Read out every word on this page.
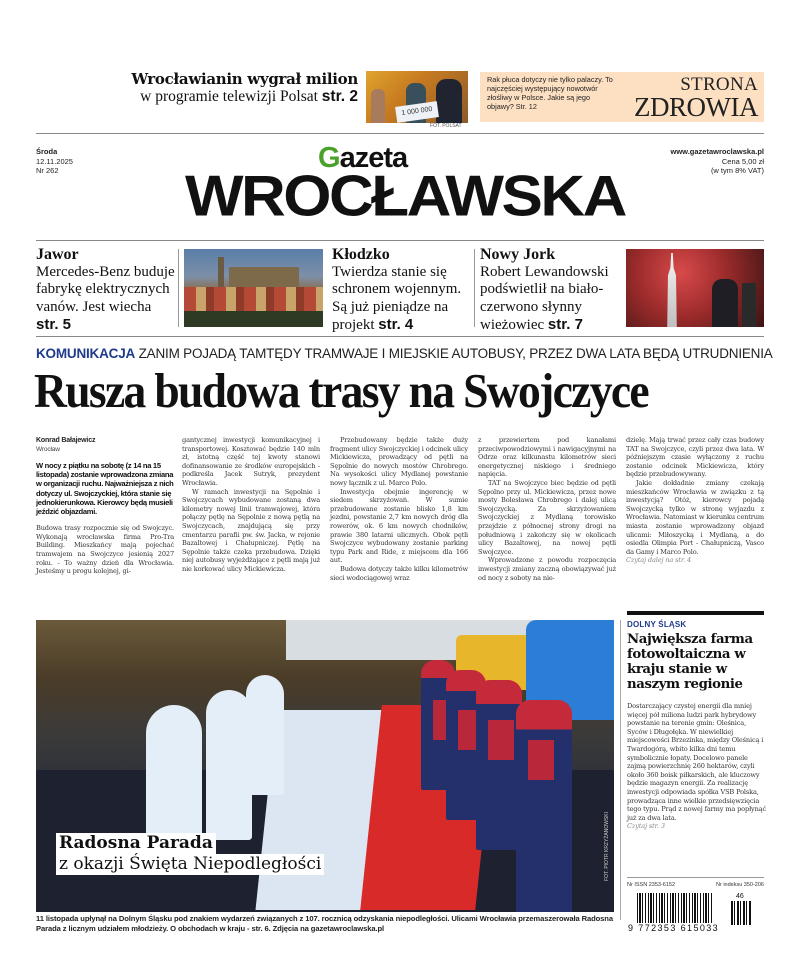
Wrocławianin wygrał milion
w programie telewizji Polsat str. 2
1 000 000
FOT. POLSAT
Rak płuca dotyczy nie tylko palaczy. To najczęściej występujący nowotwór złośliwy w Polsce. Jakie są jego objawy? Str. 12
STRONA
ZDROWIA
Środa
12.11.2025
Nr 262	Gazeta
WROCŁAWSKA
www.gazetawroclawska.pl
Cena 5,00 zł
(w tym 8% VAT)
Jawor
Mercedes-Benz buduje fabrykę elektrycznych vanów. Jest wiecha str. 5
Kłodzko
Twierdza stanie się schronem wojennym. Są już pieniądze na projekt str. 4
Nowy Jork
Robert Lewandowski podświetlił na biało-czerwono słynny wieżowiec str. 7
KOMUNIKACJA ZANIM POJADĄ TAMTĘDY TRAMWAJE I MIEJSKIE AUTOBUSY, PRZEZ DWA LATA BĘDĄ UTRUDNIENIA
Rusza budowa trasy na Swojczyce
Konrad Bałajewicz
Wrocław
W nocy z piątku na sobotę (z 14 na 15 listopada) zostanie wprowadzona zmiana w organizacji ruchu. Najważniejsza z nich dotyczy ul. Swojczyckiej, która stanie się jednokierunkowa. Kierowcy będą musieli jeździć objazdami.

Budowa trasy rozpocznie się od Swojczyc. Wykonają wrocławska firma Pro-Tra Building. Mieszkańcy mają pojechać tramwajem na Swojczyce jesienią 2027 roku. - To ważny dzień dla Wrocławia. Jesteśmy u progu kolejnej, gi-

gantycznej inwestycji komunikacyjnej i transportowej. Kosztować będzie 140 mln zł, istotną część tej kwoty stanowi dofinansowanie ze środków europejskich - podkreśla Jacek Sutryk, prezydent Wrocławia.

W ramach inwestycji na Sępolnie i Swojczycach wybudowane zostaną dwa kilometry nowej linii tramwajowej, która połączy pętlę na Sępolnie z nową pętlą na Swojczycach, znajdującą się przy cmentarzu parafii pw. św. Jacka, w rejonie Bazaltowej i Chałupniczej. Pętlę na Sępolnie także czeka przebudowa. Dzięki niej autobusy wyjeżdżające z pętli mają już nie korkować ulicy Mickiewicza.

Przebudowany będzie także duży fragment ulicy Swojczyckiej i odcinek ulicy Mickiewicza, prowadzący od pętli na Sępolnie do nowych mostów Chrobrego. Na wysokości ulicy Mydlanej powstanie nowy łącznik z ul. Marco Polo.

Inwestycja obejmie ingerencję w siedem skrzyżowań. W sumie przebudowane zostanie blisko 1,8 km jezdni, powstanie 2,7 km nowych dróg dla rowerów, ok. 6 km nowych chodników, prawie 380 latarni ulicznych. Obok pętli Swojczyce wybudowany zostanie parking typu Park and Ride, z miejscem dla 166 aut.

Budowa dotyczy także kilku kilometrów sieci wodociągowej wraz

z przewiertem pod kanałami przeciwpowodziowymi i nawigacyjnymi na Odrze oraz kilkunastu kilometrów sieci energetycznej niskiego i średniego napięcia.

TAT na Swojczyce biec będzie od pętli Sępolno przy ul. Mickiewicza, przez nowe mosty Bolesława Chrobrego i dalej ulicą Swojczycką. Za skrzyżowaniem Swojczyckiej z Mydlaną torowisko przejdzie z północnej strony drogi na południową i zakończy się w okolicach ulicy Bazaltowej, na nowej pętli Swojczyce.

Wprowadzone z powodu rozpoczęcia inwestycji zmiany zaczną obowiązywać już od nocy z soboty na nie-

dzielę. Mają trwać przez cały czas budowy TAT na Swojczyce, czyli przez dwa lata. W późniejszym czasie wyłączony z ruchu zostanie odcinek Mickiewicza, który będzie przebudowywany.

Jakie dokładnie zmiany czekają mieszkańców Wrocławia w związku z tą inwestycją? Otóż, kierowcy pojadą Swojczycką tylko w stronę wyjazdu z Wrocławia. Natomiast w kierunku centrum miasta zostanie wprowadzony objazd ulicami: Miłoszycką i Mydlaną, a do osiedla Olimpia Port - Chałupniczą, Vasco da Gamy i Marco Polo.

Czytaj dalej na str. 4

Radosna Parada
z okazji Święta Niepodległości	FOT. PIOTR KRZYŻANOWSKI
11 listopada upłynął na Dolnym Śląsku pod znakiem wydarzeń związanych z 107. rocznicą odzyskania niepodległości. Ulicami Wrocławia przemaszerowała Radosna Parada z licznym udziałem młodzieży. O obchodach w kraju - str. 6. Zdjęcia na gazetawroclawska.pl
DOLNY ŚLĄSK
Największa farma fotowoltaiczna w kraju stanie w naszym regionie
Dostarczający czystej energii dla mniej więcej pół miliona ludzi park hybrydowy powstanie na terenie gmin: Oleśnica, Syców i Długołęka. W niewielkiej miejscowości Brzezinka, między Oleśnicą i Twardogórą, wbito kilka dni temu symbolicznie łopaty. Docelowo panele zajmą powierzchnię 260 hektarów, czyli około 360 boisk piłkarskich, ale kluczowy będzie magazyn energii. Za realizację inwestycji odpowiada spółka VSB Polska, prowadząca inne wielkie przedsięwzięcia tego typu. Prąd z nowej farmy ma popłynąć już za dwa lata.
Czytaj str. 3
Nr ISSN 2353-6152	Nr indeksu 350-206
46
9 772353 615033
